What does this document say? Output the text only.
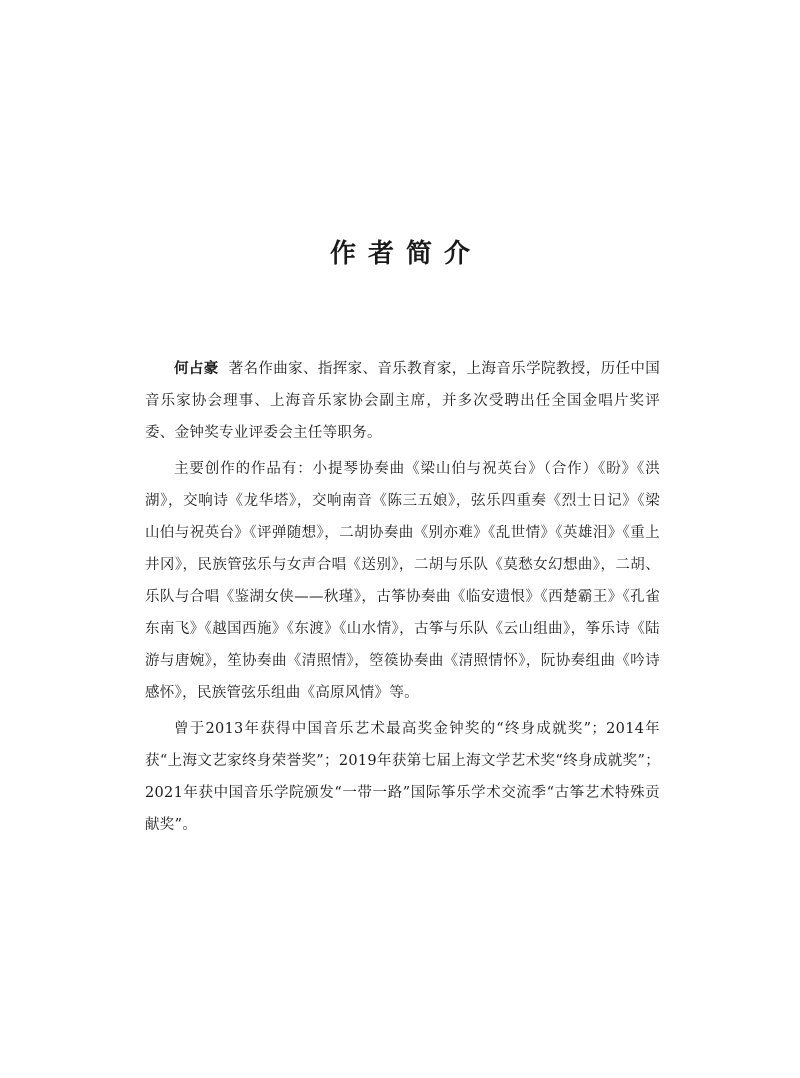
作者简介

何占豪 著名作曲家、指挥家、音乐教育家，上海音乐学院教授，历任中国音乐家协会理事、上海音乐家协会副主席，并多次受聘出任全国金唱片奖评委、金钟奖专业评委会主任等职务。

主要创作的作品有：小提琴协奏曲《梁山伯与祝英台》（合作）《盼》《洪湖》，交响诗《龙华塔》，交响南音《陈三五娘》，弦乐四重奏《烈士日记》《梁山伯与祝英台》《评弹随想》，二胡协奏曲《别亦难》《乱世情》《英雄泪》《重上井冈》，民族管弦乐与女声合唱《送别》，二胡与乐队《莫愁女幻想曲》，二胡、乐队与合唱《鉴湖女侠——秋瑾》，古筝协奏曲《临安遗恨》《西楚霸王》《孔雀东南飞》《越国西施》《东渡》《山水情》，古筝与乐队《云山组曲》，筝乐诗《陆游与唐婉》，笙协奏曲《清照情》，箜篌协奏曲《清照情怀》，阮协奏组曲《吟诗感怀》，民族管弦乐组曲《高原风情》等。

曾于2013年获得中国音乐艺术最高奖金钟奖的“终身成就奖”；2014年获“上海文艺家终身荣誉奖”；2019年获第七届上海文学艺术奖“终身成就奖”；2021年获中国音乐学院颁发“一带一路”国际筝乐学术交流季“古筝艺术特殊贡献奖”。
